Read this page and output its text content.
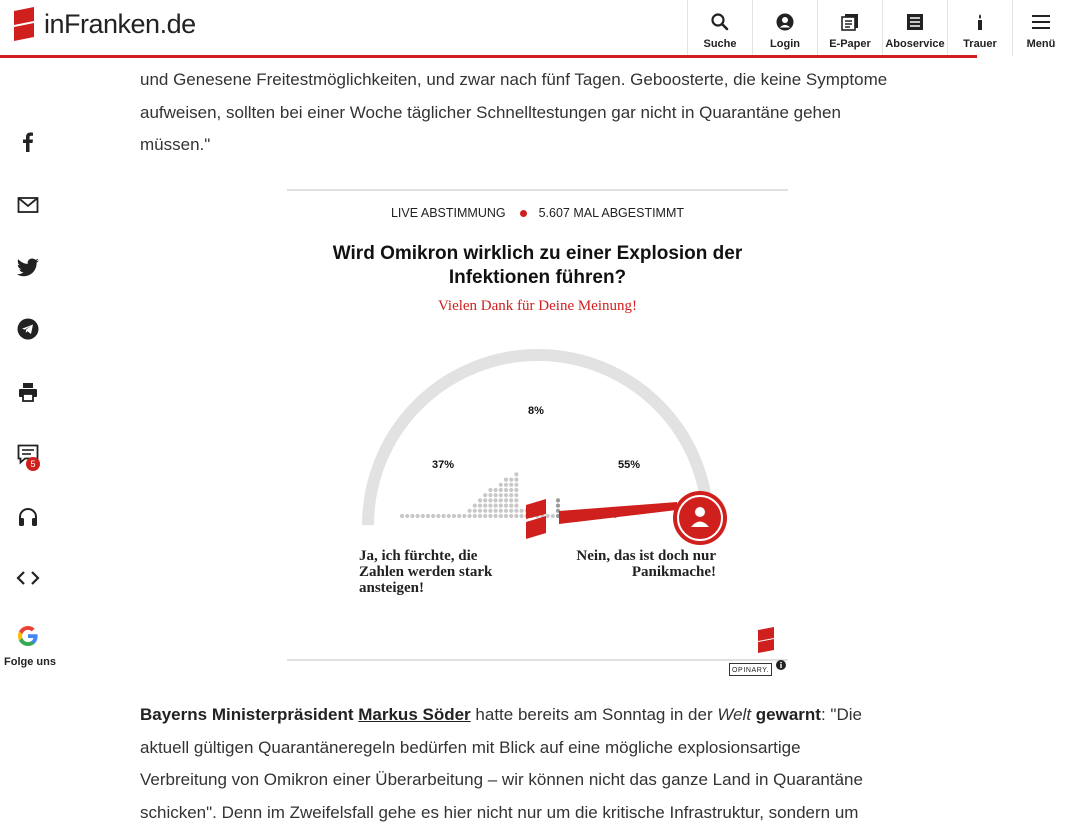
inFranken.de
Suche	Login	E-Paper Aboservice Trauer	Menü
5
Folge uns
und Genesene Freitestmöglichkeiten, und zwar nach fünf Tagen. Geboosterte, die keine Symptome
aufweisen, sollten bei einer Woche täglicher Schnelltestungen gar nicht in Quarantäne gehen
müssen."
LIVE ABSTIMMUNG	5.607 MAL ABGESTIMMT
Wird Omikron wirklich zu einer Explosion der Infektionen führen?
Vielen Dank für Deine Meinung!
37%
8%
55%
Ja, ich fürchte, die
Zahlen werden stark
ansteigen!
Nein, das ist doch nur
Panikmache!
OPINARY.
Bayerns Ministerpräsident Markus Söder hatte bereits am Sonntag in der Welt gewarnt: "Die
aktuell gültigen Quarantäneregeln bedürfen mit Blick auf eine mögliche explosionsartige
Verbreitung von Omikron einer Überarbeitung – wir können nicht das ganze Land in Quarantäne
schicken". Denn im Zweifelsfall gehe es hier nicht nur um die kritische Infrastruktur, sondern um
